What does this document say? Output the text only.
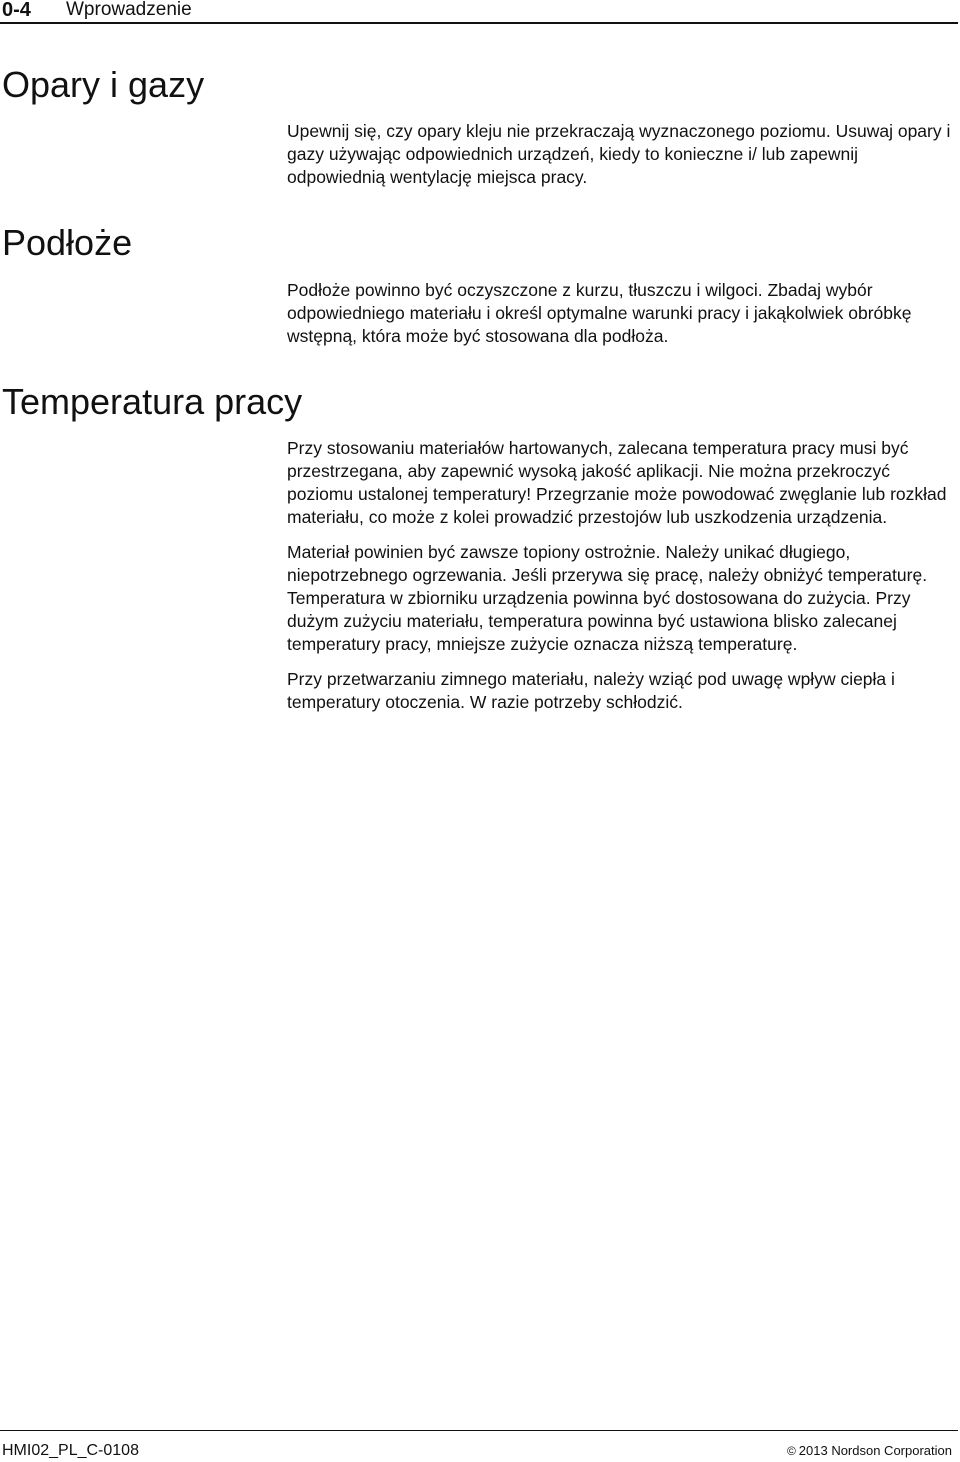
0-4 Wprowadzenie
Opary i gazy

Upewnij się, czy opary kleju nie przekraczają wyznaczonego poziomu. Usuwaj opary i gazy używając odpowiednich urządzeń, kiedy to konieczne i/ lub zapewnij odpowiednią wentylację miejsca pracy.

Podłoże

Podłoże powinno być oczyszczone z kurzu, tłuszczu i wilgoci. Zbadaj wybór odpowiedniego materiału i określ optymalne warunki pracy i jakąkolwiek obróbkę wstępną, która może być stosowana dla podłoża.

Temperatura pracy

Przy stosowaniu materiałów hartowanych, zalecana temperatura pracy musi być przestrzegana, aby zapewnić wysoką jakość aplikacji. Nie można przekroczyć poziomu ustalonej temperatury! Przegrzanie może powodować zwęglanie lub rozkład materiału, co może z kolei prowadzić przestojów lub uszkodzenia urządzenia.

Materiał powinien być zawsze topiony ostrożnie. Należy unikać długiego, niepotrzebnego ogrzewania. Jeśli przerywa się pracę, należy obniżyć temperaturę. Temperatura w zbiorniku urządzenia powinna być dostosowana do zużycia. Przy dużym zużyciu materiału, temperatura powinna być ustawiona blisko zalecanej temperatury pracy, mniejsze zużycie oznacza niższą temperaturę.

Przy przetwarzaniu zimnego materiału, należy wziąć pod uwagę wpływ ciepła i temperatury otoczenia. W razie potrzeby schłodzić.

HMI02_PL_C-0108	© 2013 Nordson Corporation
